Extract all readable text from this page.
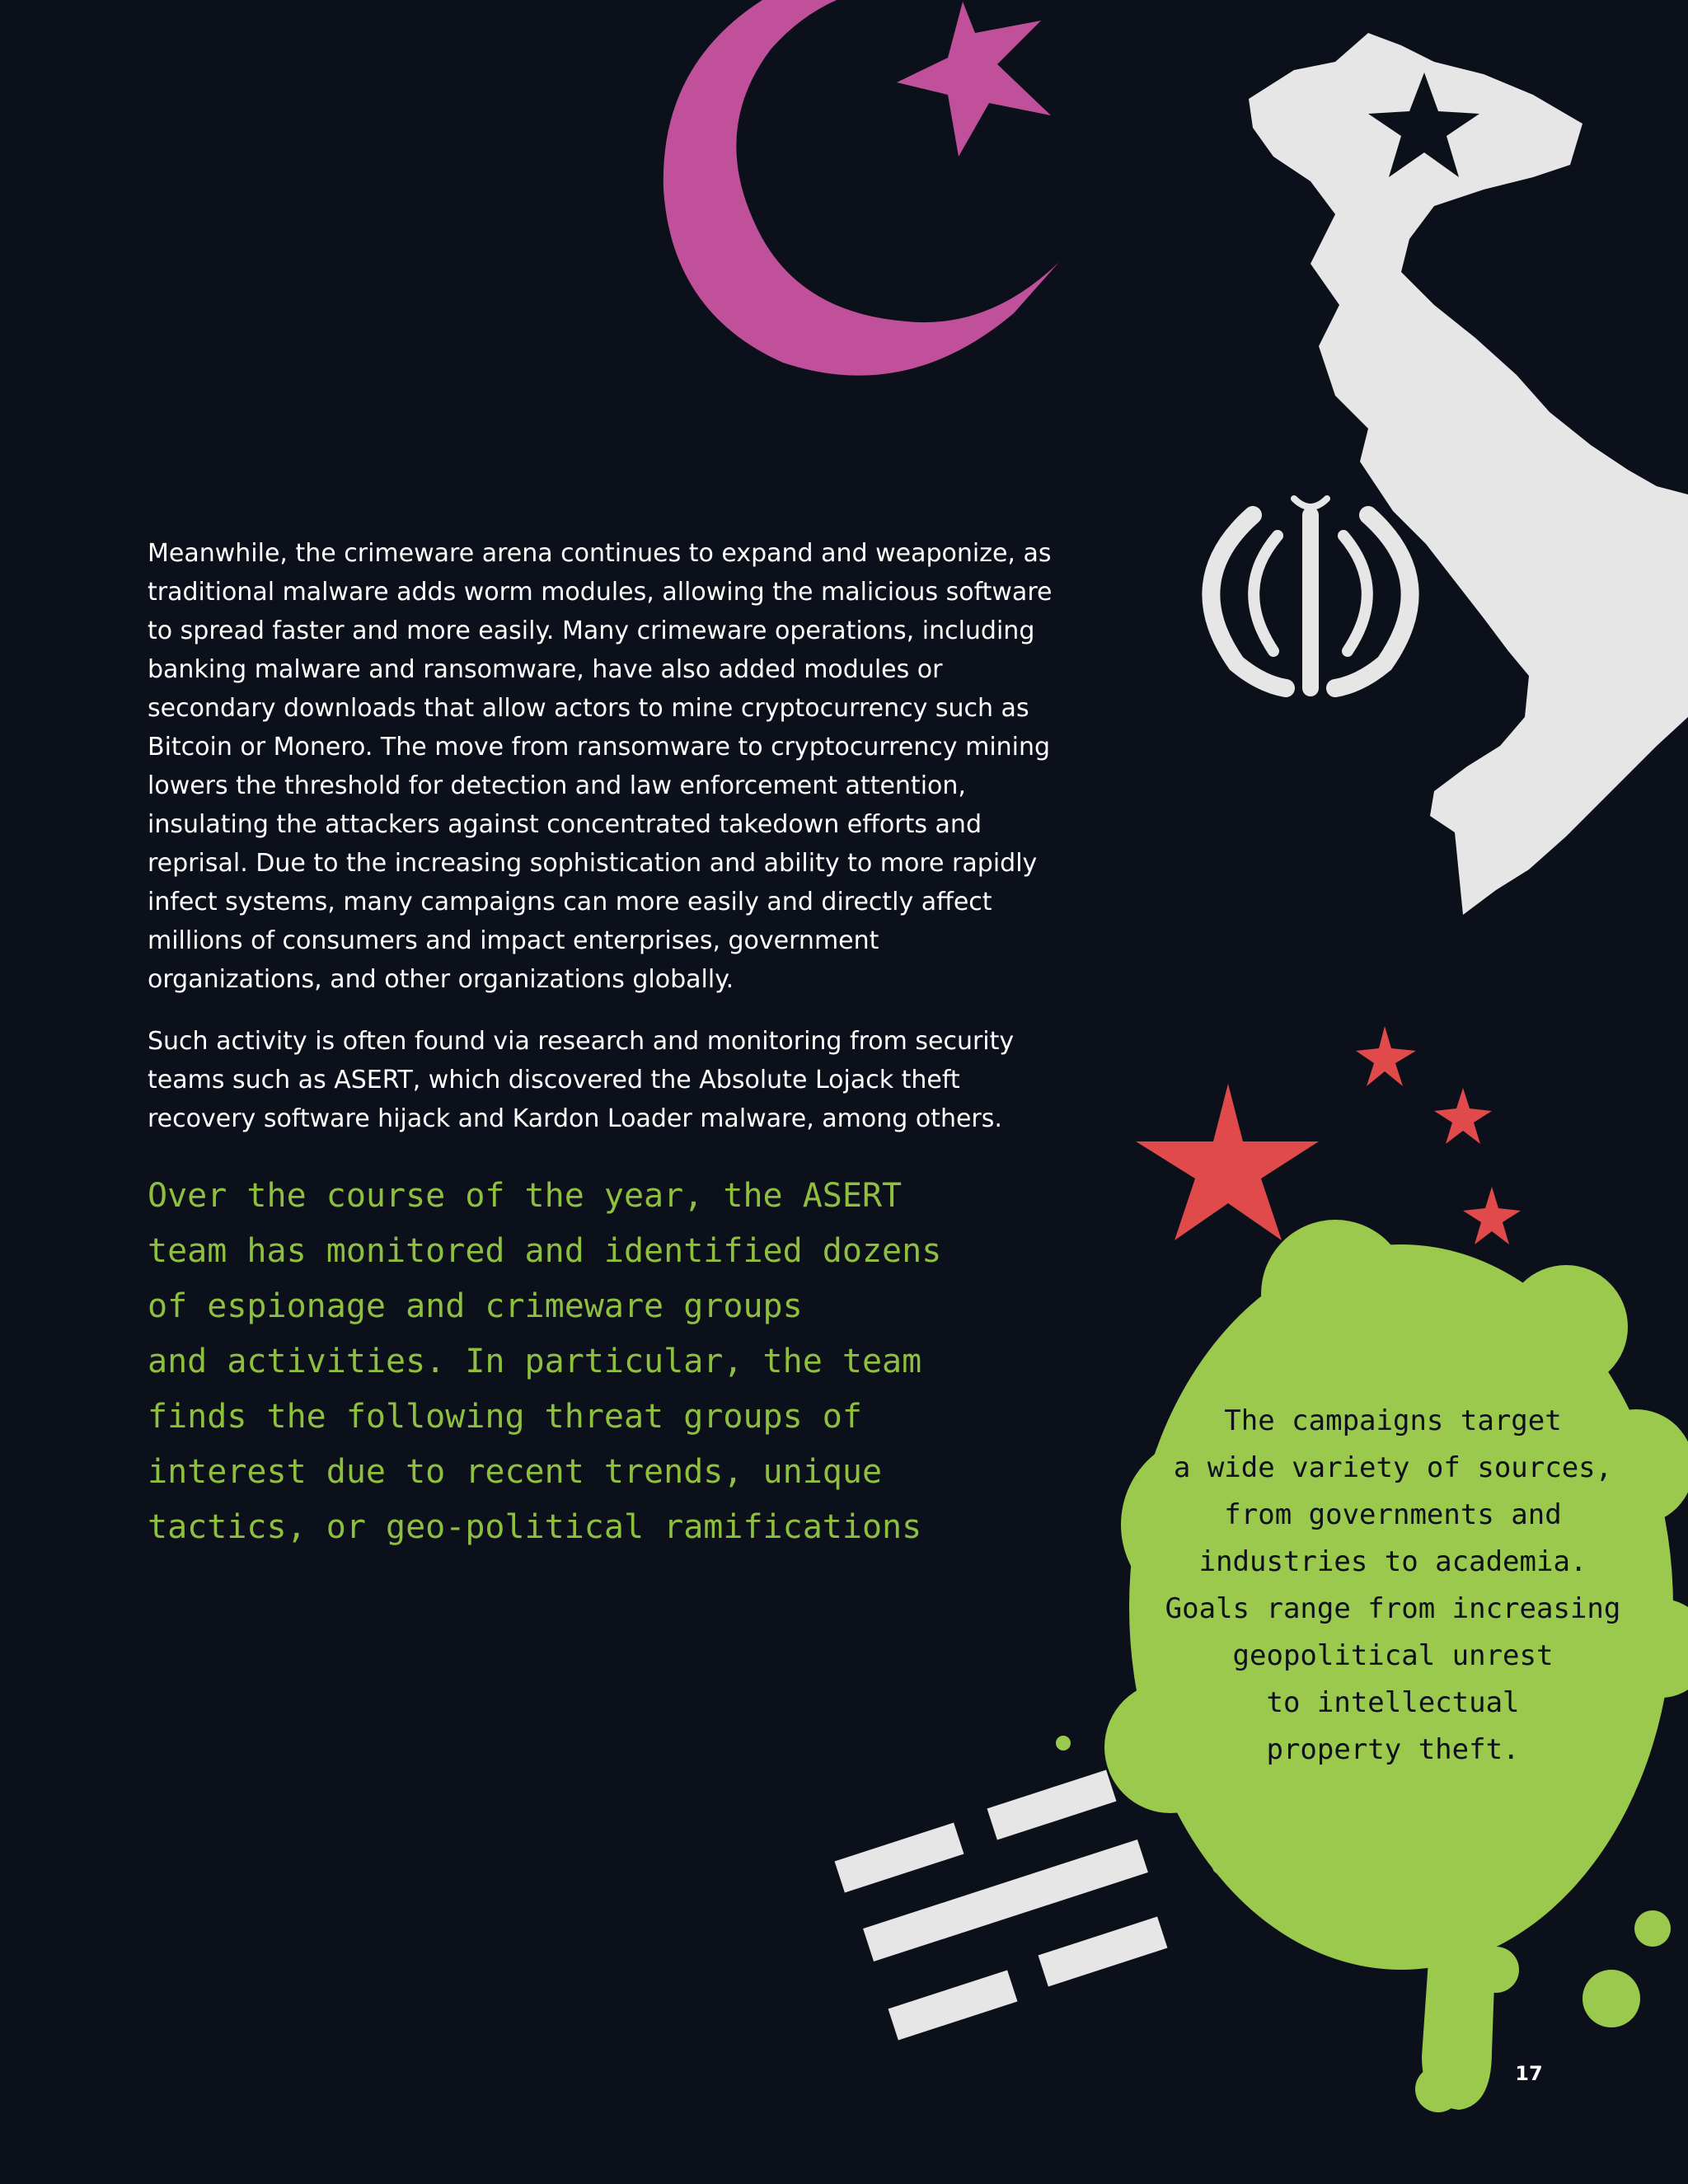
Meanwhile, the crimeware arena continues to expand and weaponize, as traditional malware adds worm modules, allowing the malicious software to spread faster and more easily. Many crimeware operations, including banking malware and ransomware, have also added modules or secondary downloads that allow actors to mine cryptocurrency such as Bitcoin or Monero. The move from ransomware to cryptocurrency mining lowers the threshold for detection and law enforcement attention, insulating the attackers against concentrated takedown efforts and reprisal. Due to the increasing sophistication and ability to more rapidly infect systems, many campaigns can more easily and directly affect millions of consumers and impact enterprises, government organizations, and other organizations globally.

Such activity is often found via research and monitoring from security teams such as ASERT, which discovered the Absolute Lojack theft recovery software hijack and Kardon Loader malware, among others.

Over the course of the year, the ASERT
team has monitored and identified dozens
of espionage and crimeware groups
and activities. In particular, the team
finds the following threat groups of
interest due to recent trends, unique
tactics, or geo-political ramifications
The campaigns target
a wide variety of sources,
from governments and
industries to academia.
Goals range from increasing
geopolitical unrest
to intellectual
property theft.
17
